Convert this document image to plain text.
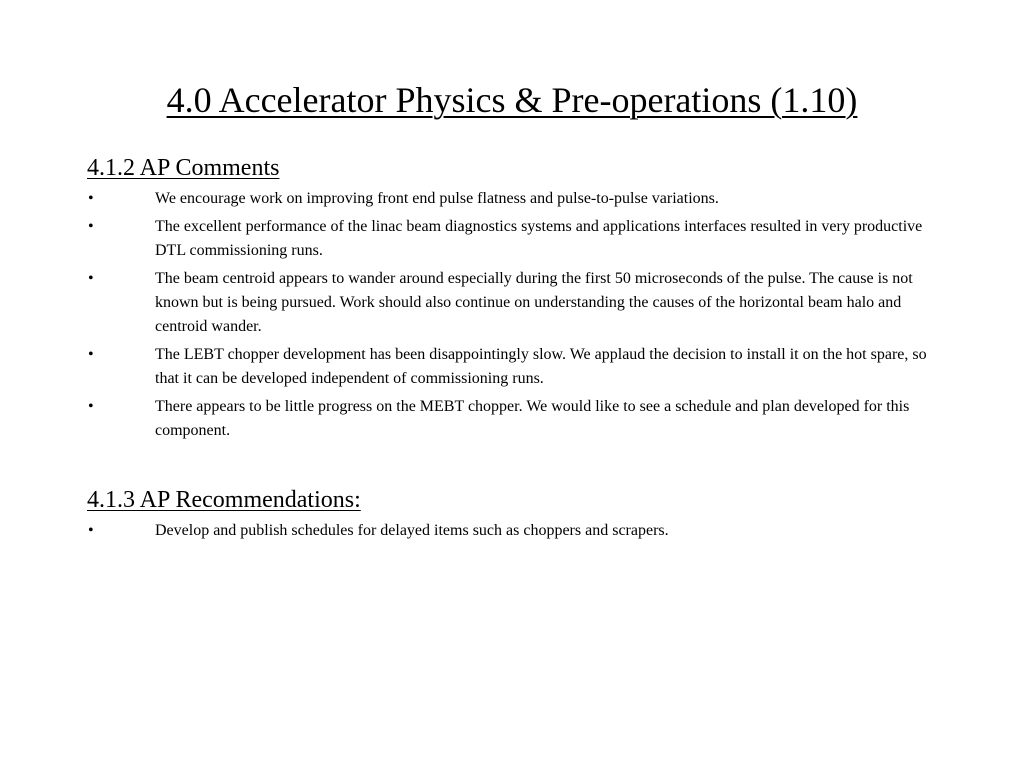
4.0 Accelerator Physics & Pre-operations (1.10)
4.1.2 AP Comments
•	We encourage work on improving front end pulse flatness and pulse-to-pulse variations.
•	The excellent performance of the linac beam diagnostics systems and applications interfaces resulted in very productive DTL commissioning runs.
•	The beam centroid appears to wander around especially during the first 50 microseconds of the pulse. The cause is not known but is being pursued. Work should also continue on understanding the causes of the horizontal beam halo and centroid wander.
•	The LEBT chopper development has been disappointingly slow. We applaud the decision to install it on the hot spare, so that it can be developed independent of commissioning runs.
•	There appears to be little progress on the MEBT chopper. We would like to see a schedule and plan developed for this component.
4.1.3 AP Recommendations:
•	Develop and publish schedules for delayed items such as choppers and scrapers.
